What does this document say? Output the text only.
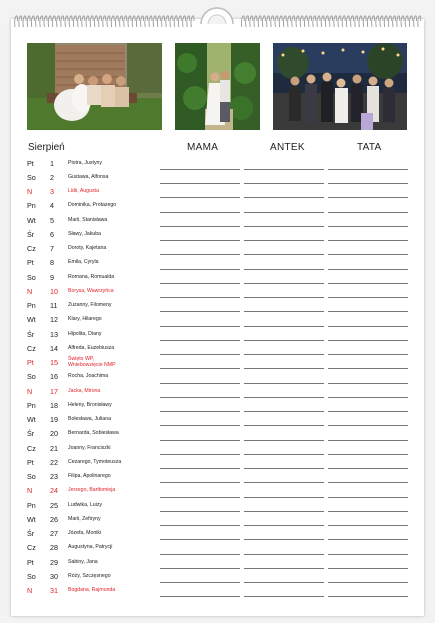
Sierpień	MAMA	ANTEK	TATA
Pt 1	Piotra, Justyny
So 2	Gustawa, Alfonsa
N 3	Lidii, Augusta
Pn 4	Dominika, Protazego
Wt 5	Marii, Stanisława
Śr 6	Sławy, Jakuba
Cz 7	Doroty, Kajetana
Pt 8	Emila, Cyryla
So 9	Romana, Romualda
N 10 Borysa, Wawrzyńca
Pn 11 Zuzanny, Filomeny
Wt 12 Klary, Hilarego
Śr 13 Hipolita, Diany
Cz 14 Alfreda, Euzebiusza
Pt 15 Święto WP, Wniebowzięcie NMP
So 16 Rocha, Joachima
N 17 Jacka, Mirona
Pn 18 Heleny, Bronisławy
Wt 19 Bolesława, Juliana
Śr 20 Bernarda, Sobiesława
Cz 21 Joanny, Franciszki
Pt 22 Cezarego, Tymoteusza
So 23 Filipa, Apolinarego
N 24 Jerzego, Bartłomieja
Pn 25 Ludwika, Luizy
Wt 26 Marii, Zefiryny
Śr 27 Józefa, Moniki
Cz 28 Augustyna, Patrycji
Pt 29 Sabiny, Jana
So 30 Róży, Szczęsnego
N 31 Bogdana, Rajmunda
